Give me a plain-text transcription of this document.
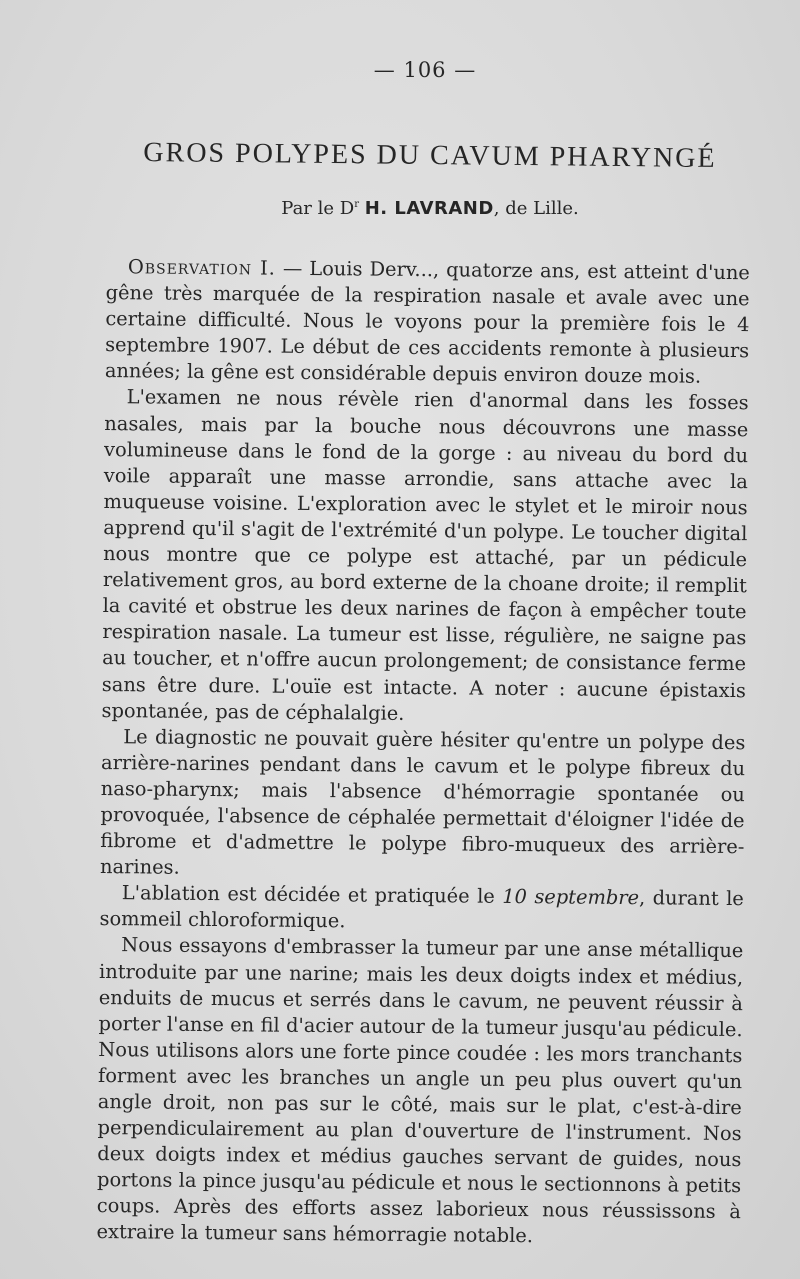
— 106 —
GROS POLYPES DU CAVUM PHARYNGÉ
Par le $D^r$ H. LAVRAND, de Lille.

Observation I. — Louis Derv..., quatorze ans, est atteint d'une gêne très marquée de la respiration nasale et avale avec une certaine difficulté. Nous le voyons pour la première fois le 4 septembre 1907. Le début de ces accidents remonte à plusieurs années; la gêne est considérable depuis environ douze mois.

L'examen ne nous révèle rien d'anormal dans les fosses nasales, mais par la bouche nous découvrons une masse volumineuse dans le fond de la gorge : au niveau du bord du voile apparaît une masse arrondie, sans attache avec la muqueuse voisine. L'exploration avec le stylet et le miroir nous apprend qu'il s'agit de l'extrémité d'un polype. Le toucher digital nous montre que ce polype est attaché, par un pédicule relativement gros, au bord externe de la choane droite; il remplit la cavité et obstrue les deux narines de façon à empêcher toute respiration nasale. La tumeur est lisse, régulière, ne saigne pas au toucher, et n'offre aucun prolongement; de consistance ferme sans être dure. L'ouïe est intacte. A noter : aucune épistaxis spontanée, pas de céphalalgie.

Le diagnostic ne pouvait guère hésiter qu'entre un polype des arrière-narines pendant dans le cavum et le polype fibreux du naso-pharynx; mais l'absence d'hémorragie spontanée ou provoquée, l'absence de céphalée permettait d'éloigner l'idée de fibrome et d'admettre le polype fibro-muqueux des arrière-narines.

L'ablation est décidée et pratiquée le 10 septembre, durant le sommeil chloroformique.

Nous essayons d'embrasser la tumeur par une anse métallique introduite par une narine; mais les deux doigts index et médius, enduits de mucus et serrés dans le cavum, ne peuvent réussir à porter l'anse en fil d'acier autour de la tumeur jusqu'au pédicule. Nous utilisons alors une forte pince coudée : les mors tranchants forment avec les branches un angle un peu plus ouvert qu'un angle droit, non pas sur le côté, mais sur le plat, c'est-à-dire perpendiculairement au plan d'ouverture de l'instrument. Nos deux doigts index et médius gauches servant de guides, nous portons la pince jusqu'au pédicule et nous le sectionnons à petits coups. Après des efforts assez laborieux nous réussissons à extraire la tumeur sans hémorragie notable.
